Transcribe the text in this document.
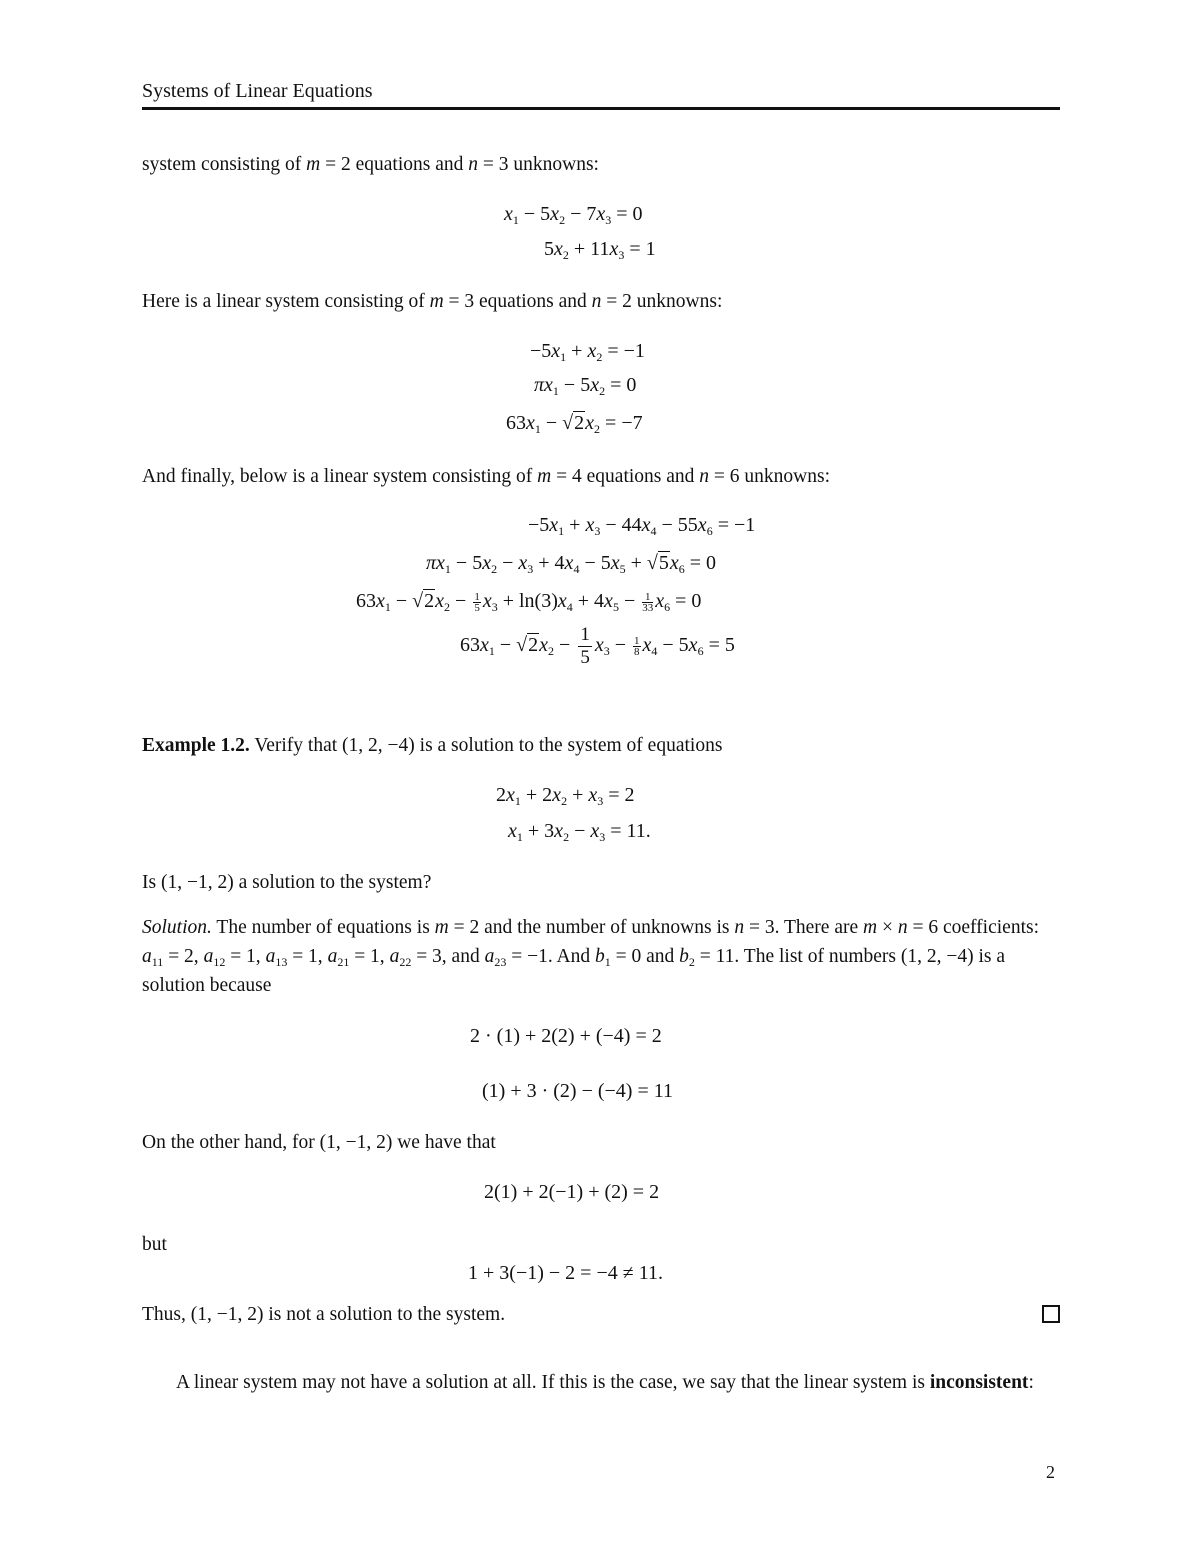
Systems of Linear Equations
system consisting of m = 2 equations and n = 3 unknowns:
$x_1 - 5x_2 - 7x_3 = 0$
$5x_2 + 11x_3 = 1$
Here is a linear system consisting of m = 3 equations and n = 2 unknowns:
$-5x_1 + x_2 = -1$
$\pi x_1 - 5x_2 = 0$
$63x_1 - √2x_2 = -7$
And finally, below is a linear system consisting of m = 4 equations and n = 6 unknowns:
$-5x_1 + x_3 - 44x_4 - 55x_6 = -1$
$\pi x_1 - 5x_2 - x_3 + 4x_4 - 5x_5 + √5x_6 = 0$
$63x_1 - √2x_2 - \frac{1}{5} x_3 + \ln(3)x_4 + 4x_5 - \frac{1}{33} x_6 = 0$
$63x_1 - √2x_2 - \frac{1}{5} x_3 - \frac{1}{8} x_4 - 5x_6 = 5$
Example 1.2. Verify that (1, 2, −4) is a solution to the system of equations
$2x_1 + 2x_2 + x_3 = 2$
$x_1 + 3x_2 - x_3 = 11$.
Is (1, −1, 2) a solution to the system?
Solution. The number of equations is m = 2 and the number of unknowns is n = 3. There are m × n = 6 coefficients: $a_{11} = 2$, $a_{12} = 1$, $a_{13} = 1$, $a_{21} = 1$, $a_{22} = 3$, and $a_{23} = -1$. And $b_1 = 0$ and $b_2 = 11$. The list of numbers (1, 2, −4) is a solution because
2 · (1) + 2(2) + (−4) = 2
(1) + 3 · (2) − (−4) = 11
On the other hand, for (1, −1, 2) we have that
2(1) + 2(−1) + (2) = 2
but
1 + 3(−1) − 2 = −4 ≠ 11.
Thus, (1, −1, 2) is not a solution to the system.
A linear system may not have a solution at all. If this is the case, we say that the linear system is inconsistent:
2
